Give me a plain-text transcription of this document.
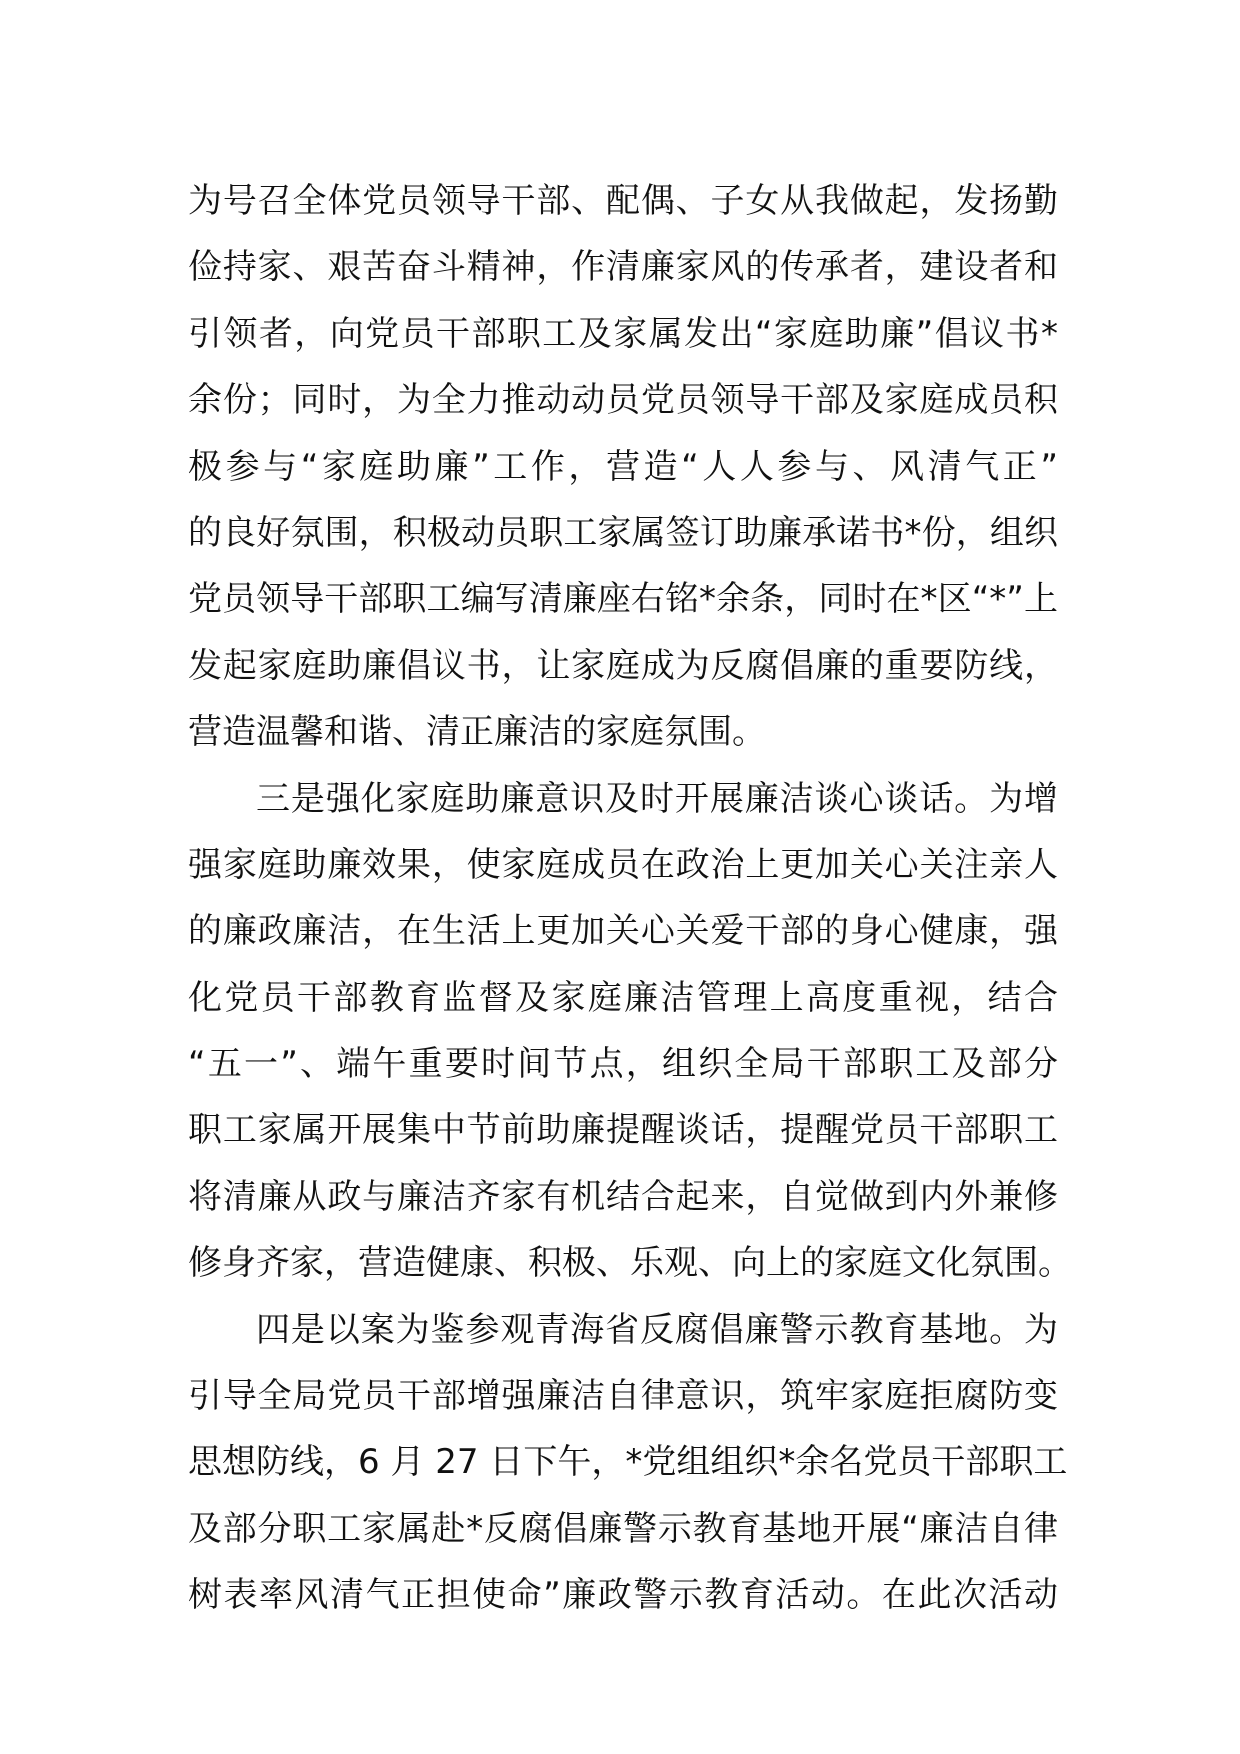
为号召全体党员领导干部、配偶、子女从我做起，发扬勤
俭持家、艰苦奋斗精神，作清廉家风的传承者，建设者和
引领者，向党员干部职工及家属发出“家庭助廉”倡议书*
余份；同时，为全力推动动员党员领导干部及家庭成员积
极参与“家庭助廉”工作，营造“人人参与、风清气正”
的良好氛围，积极动员职工家属签订助廉承诺书*份，组织
党员领导干部职工编写清廉座右铭*余条，同时在*区“*”上
发起家庭助廉倡议书，让家庭成为反腐倡廉的重要防线，
营造温馨和谐、清正廉洁的家庭氛围。
三是强化家庭助廉意识及时开展廉洁谈心谈话。为增
强家庭助廉效果，使家庭成员在政治上更加关心关注亲人
的廉政廉洁，在生活上更加关心关爱干部的身心健康，强
化党员干部教育监督及家庭廉洁管理上高度重视，结合
“五一”、端午重要时间节点，组织全局干部职工及部分
职工家属开展集中节前助廉提醒谈话，提醒党员干部职工
将清廉从政与廉洁齐家有机结合起来，自觉做到内外兼修
修身齐家，营造健康、积极、乐观、向上的家庭文化氛围。
四是以案为鉴参观青海省反腐倡廉警示教育基地。为
引导全局党员干部增强廉洁自律意识，筑牢家庭拒腐防变
思想防线，6 月 27 日下午，*党组组织*余名党员干部职工
及部分职工家属赴*反腐倡廉警示教育基地开展“廉洁自律
树表率风清气正担使命”廉政警示教育活动。在此次活动
